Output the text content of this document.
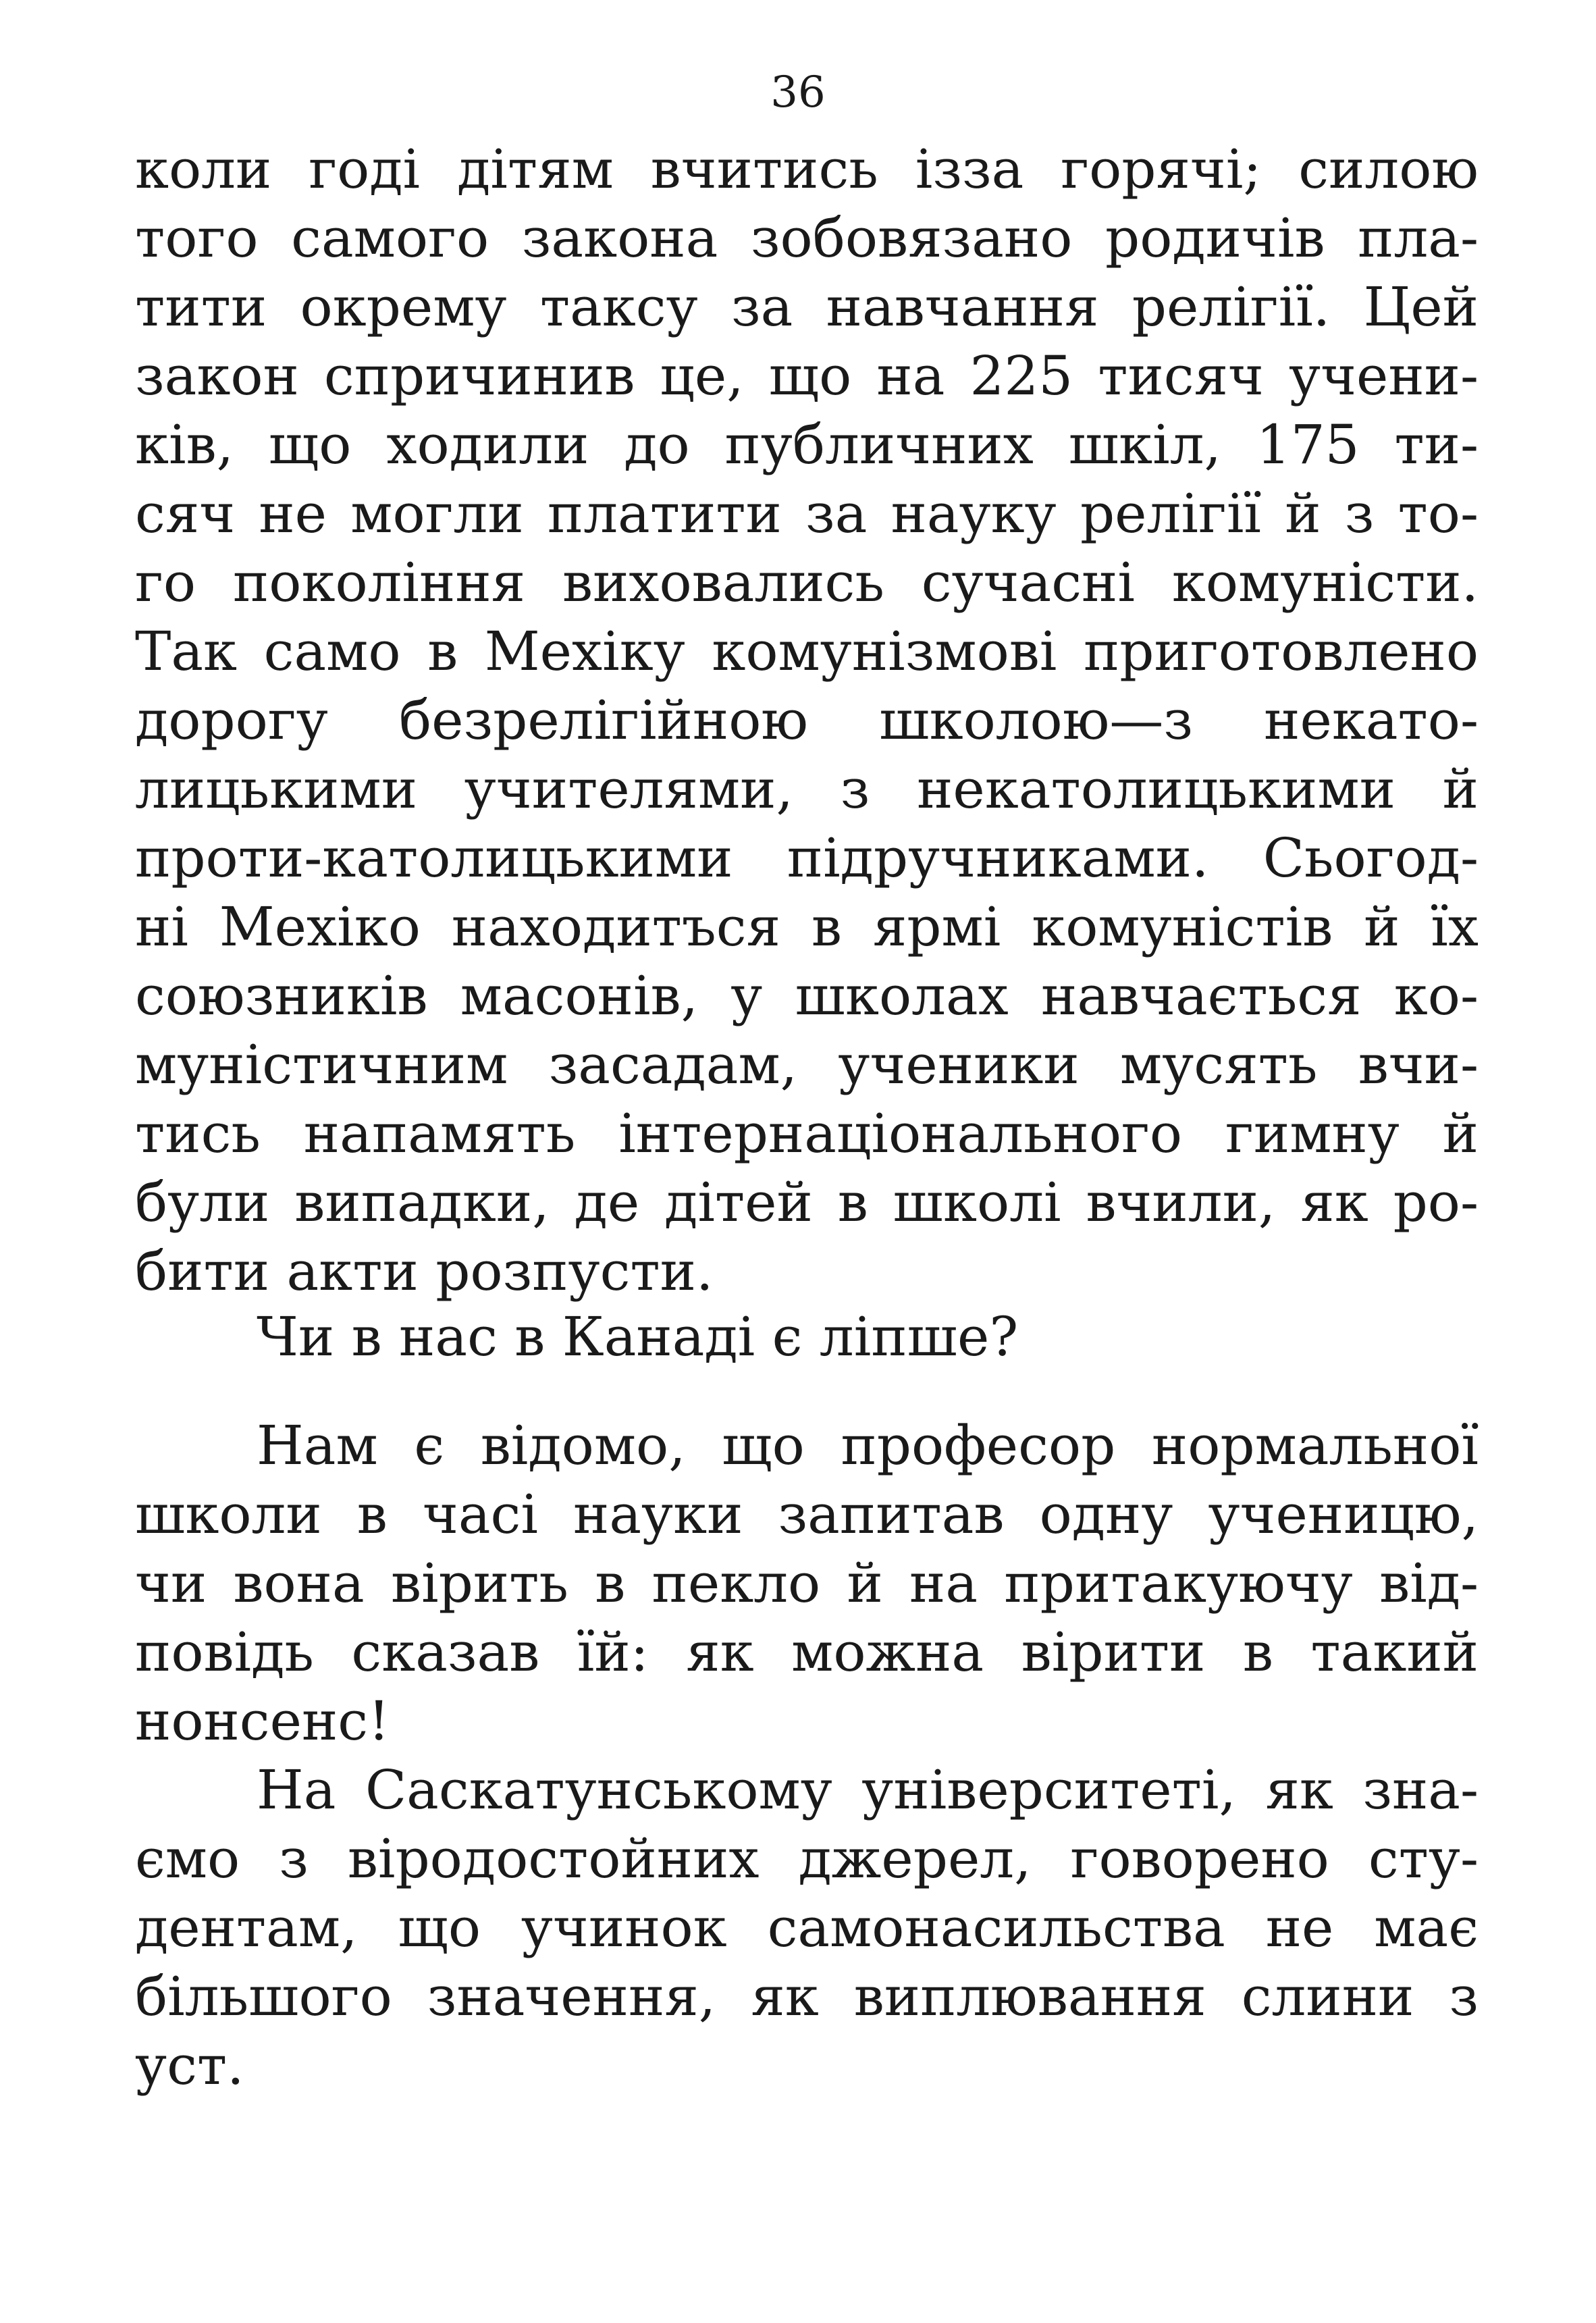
36
коли годі дітям вчитись ізза горячі; силою
того самого закона зобовязано родичів пла-
тити окрему таксу за навчання релігії. Цей
закон спричинив це, що на 225 тисяч учени-
ків, що ходили до публичних шкіл, 175 ти-
сяч не могли платити за науку релігії й з то-
го покоління виховались сучасні комуністи.
Так само в Мехіку комунізмові приготовлено
дорогу безрелігійною школою—з некато-
лицькими учителями, з некатолицькими й
проти-католицькими підручниками. Сьогод-
ні Мехіко находитъся в ярмі комуністів й їх
союзників масонів, у школах навчається ко-
муністичним засадам, ученики мусять вчи-
тись напамять інтернаціонального гимну й
були випадки, де дітей в школі вчили, як ро-
бити акти розпусти.
Чи в нас в Канаді є ліпше?
Нам є відомо, що професор нормальної
школи в часі науки запитав одну ученицю,
чи вона вірить в пекло й на притакуючу від-
повідь сказав їй: як можна вірити в такий
нонсенс!
На Саскатунському університеті, як зна-
ємо з віродостойних джерел, говорено сту-
дентам, що учинок самонасильства не має
більшого значення, як виплювання слини з
уст.
